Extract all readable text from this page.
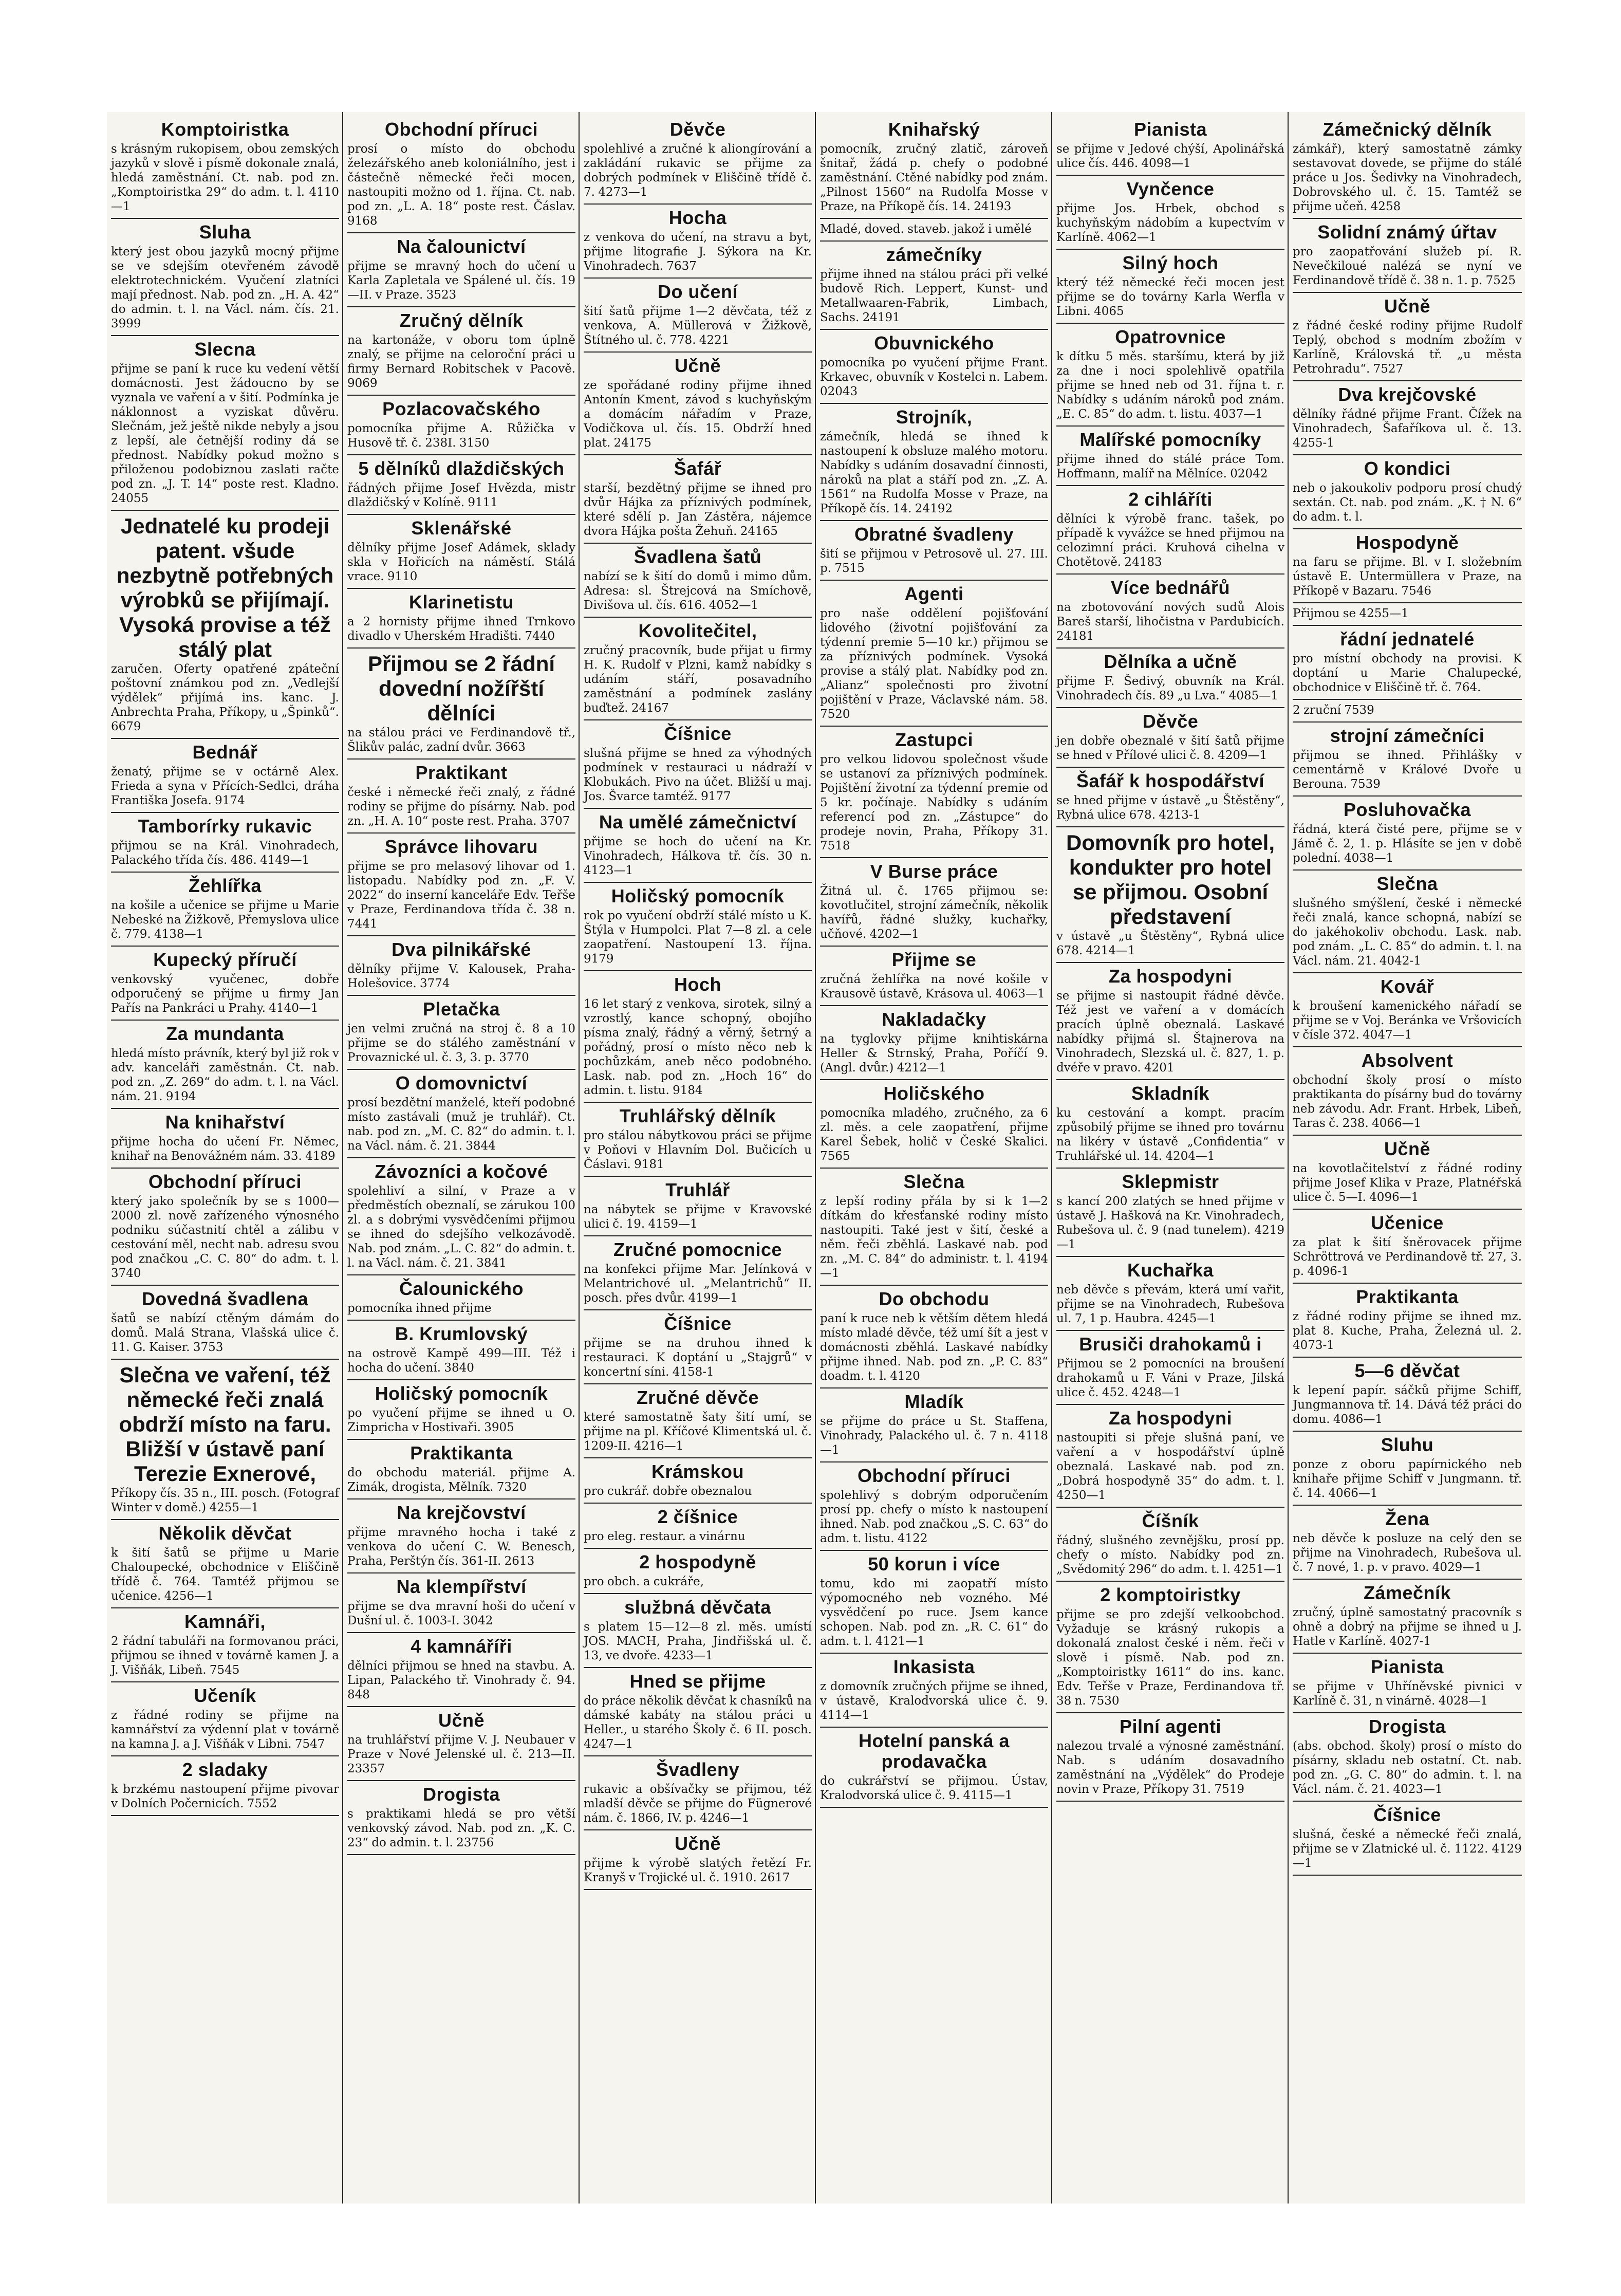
Komptoiristka

s krásným rukopisem, obou zemských jazyků v slově i písmě dokonale znalá, hledá zaměstnání. Ct. nab. pod zn. „Komptoiristka 29“ do adm. t. l. 4110—1

Sluha

který jest obou jazyků mocný přijme se ve sdejším otevřeném závodě elektrotechnickém. Vyučení zlatníci mají přednost. Nab. pod zn. „H. A. 42“ do admin. t. l. na Václ. nám. čís. 21. 3999

Slecna

přijme se paní k ruce ku vedení větší domácnosti. Jest žádoucno by se vyznala ve vaření a v šití. Podmínka je náklonnost a vyziskat důvěru. Slečnám, jež ještě nikde nebyly a jsou z lepší, ale četnější rodiny dá se přednost. Nabídky pokud možno s přiloženou podobiznou zaslati račte pod zn. „J. T. 14“ poste rest. Kladno. 24055

Jednatelé ku prodeji patent. všude nezbytně potřebných výrobků se přijímají. Vysoká provise a též stálý plat

zaručen. Oferty opatřené zpáteční poštovní známkou pod zn. „Vedlejší výdělek“ přijímá ins. kanc. J. Anbrechta Praha, Příkopy, u „Špinků“. 6679

Bednář

ženatý, přijme se v octárně Alex. Frieda a syna v Přících-Sedlci, dráha Františka Josefa. 9174

Tamborírky rukavic

přijmou se na Král. Vinohradech, Palackého třída čís. 486. 4149—1

Žehlířka

na košile a učenice se přijme u Marie Nebeské na Žižkově, Přemyslova ulice č. 779. 4138—1

Kupecký příručí

venkovský vyučenec, dobře odporučený se přijme u firmy Jan Pařís na Pankráci u Prahy. 4140—1

Za mundanta

hledá místo právník, který byl již rok v adv. kanceláři zaměstnán. Ct. nab. pod zn. „Z. 269“ do adm. t. l. na Václ. nám. 21. 9194

Na knihařství

přijme hocha do učení Fr. Němec, knihař na Benovážném nám. 33. 4189

Obchodní příruci

který jako společník by se s 1000—2000 zl. nově zařízeného výnosného podniku súčastnití chtěl a zálibu v cestování měl, necht nab. adresu svou pod značkou „C. C. 80“ do adm. t. l. 3740

Dovedná švadlena

šatů se nabízí ctěným dámám do domů. Malá Strana, Vlašská ulice č. 11. G. Kaiser. 3753

Slečna ve vaření, též německé řeči znalá obdrží místo na faru. Bližší v ústavě paní Terezie Exnerové,

Příkopy čís. 35 n., III. posch. (Fotograf Winter v domě.) 4255—1

Několik děvčat

k šití šatů se přijme u Marie Chaloupecké, obchodnice v Eliščině třídě č. 764. Tamtéž přijmou se učenice. 4256—1

Kamnáři,

2 řádní tabuláři na formovanou práci, přijmou se ihned v továrně kamen J. a J. Višňák, Libeň. 7545

Učeník

z řádné rodiny se přijme na kamnářství za výdenní plat v továrně na kamna J. a J. Višňák v Libni. 7547

2 sladaky

k brzkému nastoupení přijme pivovar v Dolních Počernicích. 7552

Obchodní příruci

prosí o místo do obchodu železářského aneb koloniálního, jest i částečně německé řeči mocen, nastoupiti možno od 1. října. Ct. nab. pod zn. „L. A. 18“ poste rest. Čáslav. 9168

Na čalounictví

přijme se mravný hoch do učení u Karla Zapletala ve Spálené ul. čís. 19—II. v Praze. 3523

Zručný dělník

na kartonáže, v oboru tom úplně znalý, se přijme na celoroční práci u firmy Bernard Robitschek v Pacově. 9069

Pozlacovačského

pomocníka přijme A. Růžička v Husově tř. č. 238I. 3150

5 dělníků dlaždičských

řádných přijme Josef Hvězda, mistr dlaždičský v Kolíně. 9111

Sklenářské

dělníky přijme Josef Adámek, sklady skla v Hořicích na náměstí. Stálá vrace. 9110

Klarinetistu

a 2 hornisty přijme ihned Trnkovo divadlo v Uherském Hradišti. 7440

Přijmou se 2 řádní dovední nožířští dělníci

na stálou práci ve Ferdinandově tř., Šlikův palác, zadní dvůr. 3663

Praktikant

české i německé řeči znalý, z řádné rodiny se přijme do písárny. Nab. pod zn. „H. A. 10“ poste rest. Praha. 3707

Správce lihovaru

přijme se pro melasový lihovar od 1. listopadu. Nabídky pod zn. „F. V. 2022“ do inserní kanceláře Edv. Teřše v Praze, Ferdinandova třída č. 38 n. 7441

Dva pilnikářské

dělníky přijme V. Kalousek, Praha-Holešovice. 3774

Pletačka

jen velmi zručná na stroj č. 8 a 10 přijme se do stálého zaměstnání v Provaznické ul. č. 3, 3. p. 3770

O domovnictví

prosí bezdětní manželé, kteří podobné místo zastávali (muž je truhlář). Ct. nab. pod zn. „M. C. 82“ do admin. t. l. na Václ. nám. č. 21. 3844

Závozníci a kočové

spolehliví a silní, v Praze a v předměstích obeznalí, se zárukou 100 zl. a s dobrými vysvědčeními přijmou se ihned do sdejšího velkozávodě. Nab. pod znám. „L. C. 82“ do admin. t. l. na Václ. nám. č. 21. 3841

Čalounického

pomocníka ihned přijme

B. Krumlovský

na ostrově Kampě 499—III. Též i hocha do učení. 3840

Holičský pomocník

po vyučení přijme se ihned u O. Zimpricha v Hostivaři. 3905

Praktikanta

do obchodu materiál. přijme A. Zimák, drogista, Mělník. 7320

Na krejčovství

přijme mravného hocha i také z venkova do učení C. W. Benesch, Praha, Perštýn čís. 361-II. 2613

Na klempířství

přijme se dva mravní hoši do učení v Dušní ul. č. 1003-I. 3042

4 kamnáříři

dělníci přijmou se hned na stavbu. A. Lipan, Palackého tř. Vinohrady č. 94. 848

Učně

na truhlářství přijme V. J. Neubauer v Praze v Nové Jelenské ul. č. 213—II. 23357

Drogista

s praktikami hledá se pro větší venkovský závod. Nab. pod zn. „K. C. 23“ do admin. t. l. 23756

Děvče

spolehlivé a zručné k aliongírování a zakládání rukavic se přijme za dobrých podmínek v Eliščině třídě č. 7. 4273—1

Hocha

z venkova do učení, na stravu a byt, přijme litografie J. Sýkora na Kr. Vinohradech. 7637

Do učení

šití šatů přijme 1—2 děvčata, též z venkova, A. Müllerová v Žižkově, Štítného ul. č. 778. 4221

Učně

ze spořádané rodiny přijme ihned Antonín Kment, závod s kuchyňským a domácím nářadím v Praze, Vodičkova ul. čís. 15. Obdrží hned plat. 24175

Šafář

starší, bezdětný přijme se ihned pro dvůr Hájka za příznivých podmínek, které sdělí p. Jan Zástěra, nájemce dvora Hájka pošta Žehuň. 24165

Švadlena šatů

nabízí se k šití do domů i mimo dům. Adresa: sl. Štrejcová na Smíchově, Divišova ul. čís. 616. 4052—1

Kovolitečitel,

zručný pracovník, bude přijat u firmy H. K. Rudolf v Plzni, kamž nabídky s udáním stáří, posavadního zaměstnání a podmínek zaslány buďtež. 24167

Číšnice

slušná přijme se hned za výhodných podmínek v restauraci u nádraží v Klobukách. Pivo na účet. Bližší u maj. Jos. Švarce tamtéž. 9177

Na umělé zámečnictví

přijme se hoch do učení na Kr. Vinohradech, Hálkova tř. čís. 30 n. 4123—1

Holičský pomocník

rok po vyučení obdrží stálé místo u K. Štýla v Humpolci. Plat 7—8 zl. a cele zaopatření. Nastoupení 13. října. 9179

Hoch

16 let starý z venkova, sirotek, silný a vzrostlý, kance schopný, obojího písma znalý, řádný a věrný, šetrný a pořádný, prosí o místo něco neb k pochůzkám, aneb něco podobného. Lask. nab. pod zn. „Hoch 16“ do admin. t. listu. 9184

Truhlářský dělník

pro stálou nábytkovou práci se přijme v Poňovi v Hlavním Dol. Bučicích u Čáslavi. 9181

Truhlář

na nábytek se přijme v Kravovské ulici č. 19. 4159—1

Zručné pomocnice

na konfekci přijme Mar. Jelínková v Melantrichové ul. „Melantrichů“ II. posch. přes dvůr. 4199—1

Číšnice

přijme se na druhou ihned k restauraci. K doptání u „Stajgrů“ v koncertní síni. 4158-1

Zručné děvče

které samostatně šaty šití umí, se přijme na pl. Kříčové Klimentská ul. č. 1209-II. 4216—1

Krámskou

pro cukrář. dobře obeznalou

2 číšnice

pro eleg. restaur. a vinárnu

2 hospodyně

pro obch. a cukráře,

službná děvčata

s platem 15—12—8 zl. měs. umístí JOS. MACH, Praha, Jindřišská ul. č. 13, ve dvoře. 4233—1

Hned se přijme

do práce několik děvčat k chasníků na dámské kabáty na stálou práci u Heller., u starého Školy č. 6 II. posch. 4247—1

Švadleny

rukavic a obšívačky se přijmou, též mladší děvče se přijme do Fügnerové nám. č. 1866, IV. p. 4246—1

Učně

přijme k výrobě slatých řetězí Fr. Kranyš v Trojické ul. č. 1910. 2617

Knihařský

pomocník, zručný zlatič, zároveň šnitař, žádá p. chefy o podobné zaměstnání. Ctěné nabídky pod znám. „Pilnost 1560“ na Rudolfa Mosse v Praze, na Příkopě čís. 14. 24193

Mladé, doved. staveb. jakož i umělé

zámečníky

přijme ihned na stálou práci při velké budově Rich. Leppert, Kunst- und Metallwaaren-Fabrik, Limbach, Sachs. 24191

Obuvnického

pomocníka po vyučení přijme Frant. Krkavec, obuvník v Kostelci n. Labem. 02043

Strojník,

zámečník, hledá se ihned k nastoupení k obsluze malého motoru. Nabídky s udáním dosavadní činnosti, nároků na plat a stáří pod zn. „Z. A. 1561“ na Rudolfa Mosse v Praze, na Příkopě čís. 14. 24192

Obratné švadleny

šití se přijmou v Petrosově ul. 27. III. p. 7515

Agenti

pro naše oddělení pojišťování lidového (životní pojišťování za týdenní premie 5—10 kr.) přijmou se za příznivých podmínek. Vysoká provise a stálý plat. Nabídky pod zn. „Alianz“ společnosti pro životní pojištění v Praze, Václavské nám. 58. 7520

Zastupci

pro velkou lidovou společnost všude se ustanoví za příznivých podmínek. Pojištění životní za týdenní premie od 5 kr. počínaje. Nabídky s udáním referencí pod zn. „Zástupce“ do prodeje novin, Praha, Příkopy 31. 7518

V Burse práce

Žitná ul. č. 1765 přijmou se: kovotlučitel, strojní zámečník, několik havířů, řádné služky, kuchařky, učňové. 4202—1

Přijme se

zručná žehlířka na nové košile v Krausově ústavě, Krásova ul. 4063—1

Nakladačky

na tyglovky přijme knihtiskárna Heller & Strnský, Praha, Poříčí 9. (Angl. dvůr.) 4212—1

Holičského

pomocníka mladého, zručného, za 6 zl. měs. a cele zaopatření, přijme Karel Šebek, holič v České Skalici. 7565

Slečna

z lepší rodiny přála by si k 1—2 dítkám do křesťanské rodiny místo nastoupiti. Také jest v šití, české a něm. řeči zběhlá. Laskavé nab. pod zn. „M. C. 84“ do administr. t. l. 4194—1

Do obchodu

paní k ruce neb k větším dětem hledá místo mladé děvče, též umí šít a jest v domácnosti zběhlá. Laskavé nabídky přijme ihned. Nab. pod zn. „P. C. 83“ doadm. t. l. 4120

Mladík

se přijme do práce u St. Staffena, Vinohrady, Palackého ul. č. 7 n. 4118—1

Obchodní příruci

spolehlivý s dobrým odporučením prosí pp. chefy o místo k nastoupení ihned. Nab. pod značkou „S. C. 63“ do adm. t. listu. 4122

50 korun i více

tomu, kdo mi zaopatří místo výpomocného neb vozného. Mé vysvědčení po ruce. Jsem kance schopen. Nab. pod zn. „R. C. 61“ do adm. t. l. 4121—1

Inkasista

z domovník zručných přijme se ihned, v ústavě, Kralodvorská ulice č. 9. 4114—1

Hotelní panská a prodavačka

do cukrářství se přijmou. Ústav, Kralodvorská ulice č. 9. 4115—1

Pianista

se přijme v Jedové chýší, Apolinářská ulice čís. 446. 4098—1

Vynčence

přijme Jos. Hrbek, obchod s kuchyňským nádobím a kupectvím v Karlíně. 4062—1

Silný hoch

který též německé řeči mocen jest přijme se do továrny Karla Werfla v Libni. 4065

Opatrovnice

k dítku 5 měs. staršímu, která by již za dne i noci spolehlivě opatřila přijme se hned neb od 31. října t. r. Nabídky s udáním nároků pod znám. „E. C. 85“ do adm. t. listu. 4037—1

Malířské pomocníky

přijme ihned do stálé práce Tom. Hoffmann, malíř na Mělníce. 02042

2 cihláříti

dělníci k výrobě franc. tašek, po případě k vyvážce se hned přijmou na celozimní práci. Kruhová cihelna v Chotětově. 24183

Více bednářů

na zbotovování nových sudů Alois Bareš starší, lihočistna v Pardubicích. 24181

Dělníka a učně

přijme F. Šedivý, obuvník na Král. Vinohradech čís. 89 „u Lva.“ 4085—1

Děvče

jen dobře obeznalé v šití šatů přijme se hned v Přílové ulici č. 8. 4209—1

Šafář k hospodářství

se hned přijme v ústavě „u Štěstěny“, Rybná ulice 678. 4213-1

Domovník pro hotel, kondukter pro hotel se přijmou. Osobní představení

v ústavě „u Štěstěny“, Rybná ulice 678. 4214—1

Za hospodyni

se přijme si nastoupit řádné děvče. Též jest ve vaření a v domácích pracích úplně obeznalá. Laskavé nabídky přijmá sl. Štajnerova na Vinohradech, Slezská ul. č. 827, 1. p. dvéře v pravo. 4201

Skladník

ku cestování a kompt. pracím způsobilý přijme se ihned pro továrnu na likéry v ústavě „Confidentia“ v Truhlářské ul. 14. 4204—1

Sklepmistr

s kancí 200 zlatých se hned přijme v ústavě J. Hašková na Kr. Vinohradech, Rubešova ul. č. 9 (nad tunelem). 4219—1

Kuchařka

neb děvče s převám, která umí vařit, přijme se na Vinohradech, Rubešova ul. 7, 1 p. Haubra. 4245—1

Brusiči drahokamů i

Přijmou se 2 pomocníci na broušení drahokamů u F. Váni v Praze, Jilská ulice č. 452. 4248—1

Za hospodyni

nastoupiti si přeje slušná paní, ve vaření a v hospodářství úplně obeznalá. Laskavé nab. pod zn. „Dobrá hospodyně 35“ do adm. t. l. 4250—1

Číšník

řádný, slušného zevnějšku, prosí pp. chefy o místo. Nabídky pod zn. „Svědomitý 296“ do adm. t. l. 4251—1

2 komptoiristky

přijme se pro zdejší velkoobchod. Vyžaduje se krásný rukopis a dokonalá znalost české i něm. řeči v slově i písmě. Nab. pod zn. „Komptoiristky 1611“ do ins. kanc. Edv. Teřše v Praze, Ferdinandova tř. 38 n. 7530

Pilní agenti

nalezou trvalé a výnosné zaměstnání. Nab. s udáním dosavadního zaměstnání na „Výdělek“ do Prodeje novin v Praze, Příkopy 31. 7519

Zámečnický dělník

zámkář), který samostatně zámky sestavovat dovede, se přijme do stálé práce u Jos. Šedivky na Vinohradech, Dobrovského ul. č. 15. Tamtéž se přijme učeň. 4258

Solidní známý úřtav

pro zaopatřování služeb pí. R. Nevečkiloué nalézá se nyní ve Ferdinandově třídě č. 38 n. 1. p. 7525

Učně

z řádné české rodiny přijme Rudolf Teplý, obchod s modním zbožím v Karlíně, Královská tř. „u města Petrohradu“. 7527

Dva krejčovské

dělníky řádné přijme Frant. Čížek na Vinohradech, Šafaříkova ul. č. 13. 4255-1

O kondici

neb o jakoukoliv podporu prosí chudý sextán. Ct. nab. pod znám. „K. † N. 6“ do adm. t. l.

Hospodyně

na faru se přijme. Bl. v I. složebním ústavě E. Untermüllera v Praze, na Příkopě v Bazaru. 7546

Přijmou se 4255—1

řádní jednatelé

pro místní obchody na provisi. K doptání u Marie Chalupecké, obchodnice v Eliščině tř. č. 764.

2 zruční 7539

strojní zámečníci

přijmou se ihned. Přihlášky v cementárně v Králové Dvoře u Berouna. 7539

Posluhovačka

řádná, která čisté pere, přijme se v Jámě č. 2, 1. p. Hlásíte se jen v době polední. 4038—1

Slečna

slušného smýšlení, české i německé řeči znalá, kance schopná, nabízí se do jakéhokoliv obchodu. Lask. nab. pod znám. „L. C. 85“ do admin. t. l. na Václ. nám. 21. 4042-1

Kovář

k broušení kamenického nářadí se přijme se v Voj. Beránka ve Vršovicích v čísle 372. 4047—1

Absolvent

obchodní školy prosí o místo praktikanta do písárny bud do továrny neb závodu. Adr. Frant. Hrbek, Libeň, Taras č. 238. 4066—1

Učně

na kovotlačitelství z řádné rodiny přijme Josef Klika v Praze, Platnéřská ulice č. 5—I. 4096—1

Učenice

za plat k šití šněrovacek přijme Schröttrová ve Perdinandově tř. 27, 3. p. 4096-1

Praktikanta

z řádné rodiny přijme se ihned mz. plat 8. Kuche, Praha, Železná ul. 2. 4073-1

5—6 děvčat

k lepení papír. sáčků přijme Schiff, Jungmannova tř. 14. Dává též práci do domu. 4086—1

Sluhu

ponze z oboru papírnického neb knihaře přijme Schiff v Jungmann. tř. č. 14. 4066—1

Žena

neb děvče k posluze na celý den se přijme na Vinohradech, Rubešova ul. č. 7 nové, 1. p. v pravo. 4029—1

Zámečník

zručný, úplně samostatný pracovník s ohně a dobrý na přijme se ihned u J. Hatle v Karlíně. 4027-1

Pianista

se přijme v Uhříněvské pivnici v Karlíně č. 31, n vinárně. 4028—1

Drogista

(abs. obchod. školy) prosí o místo do písárny, skladu neb ostatní. Ct. nab. pod zn. „G. C. 80“ do admin. t. l. na Václ. nám. č. 21. 4023—1

Číšnice

slušná, české a německé řeči znalá, přijme se v Zlatnické ul. č. 1122. 4129—1
